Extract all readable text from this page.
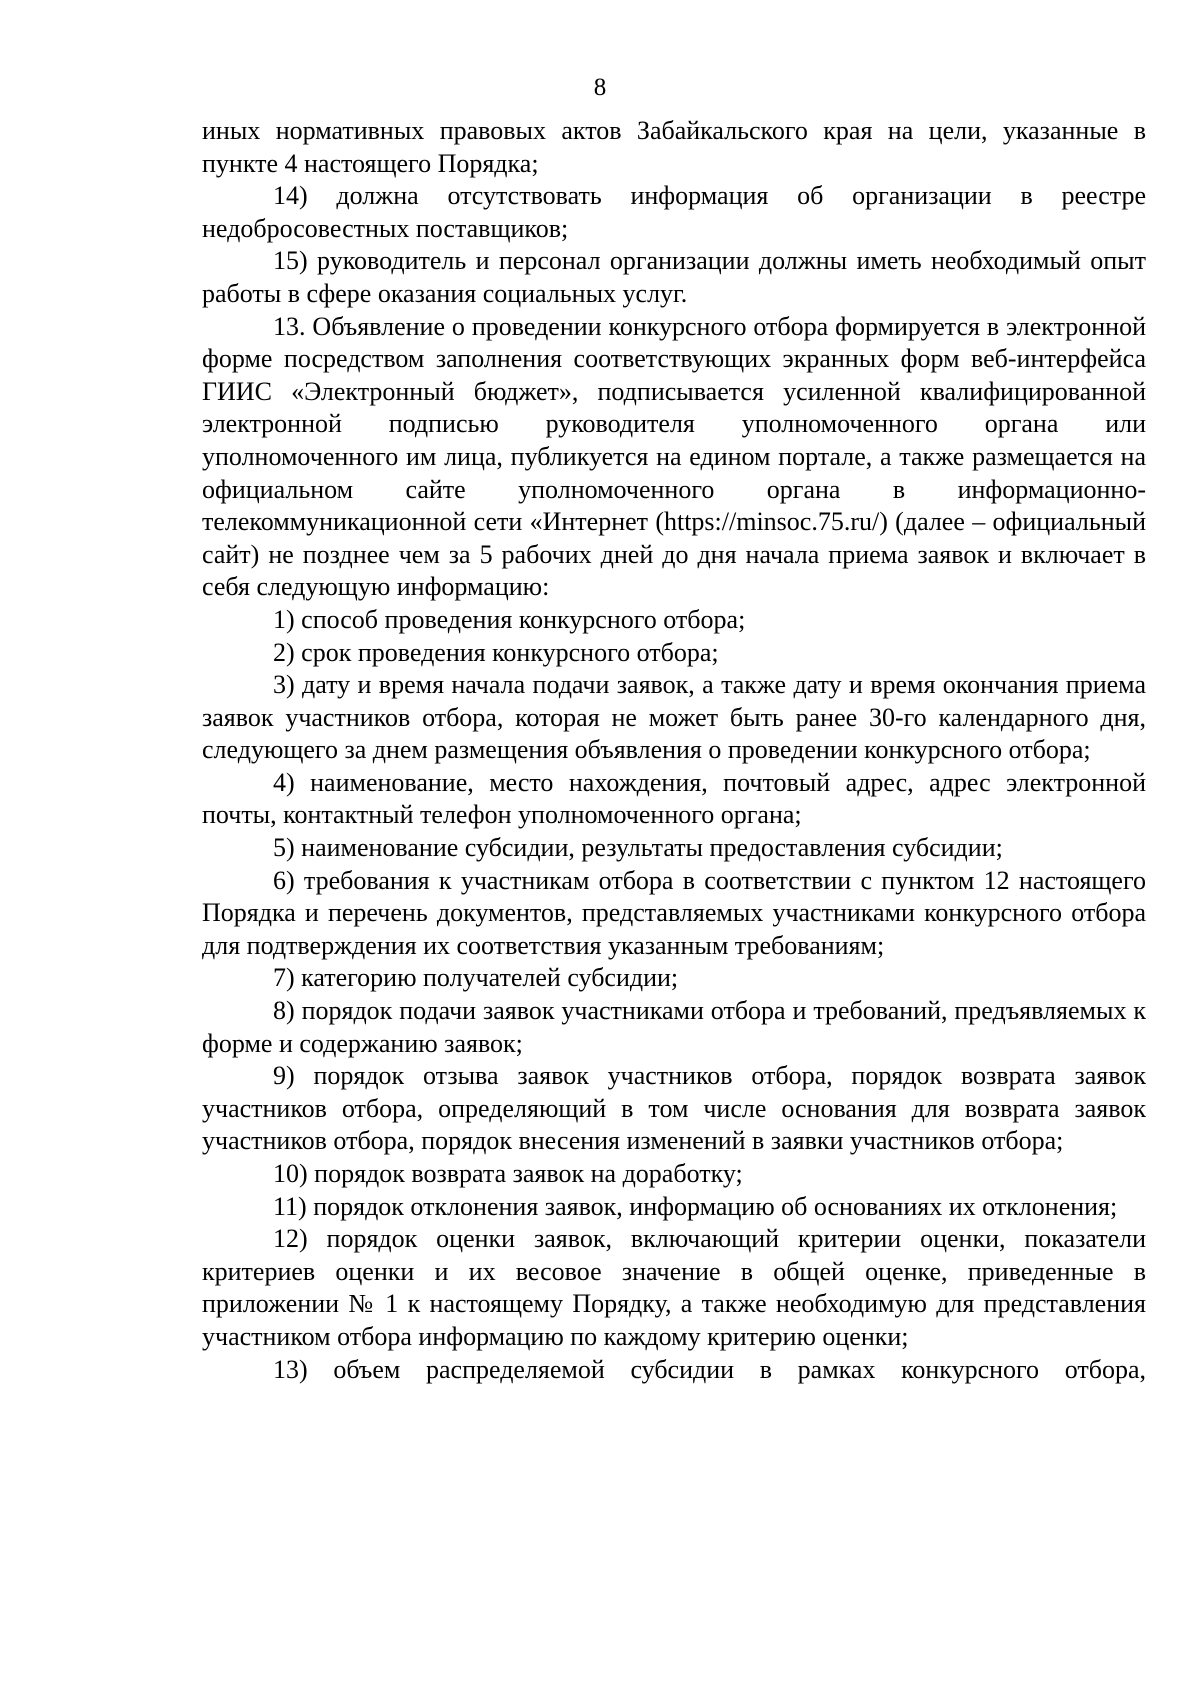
8

иных нормативных правовых актов Забайкальского края на цели, указанные в пункте 4 настоящего Порядка;

14) должна отсутствовать информация об организации в реестре недобросовестных поставщиков;

15) руководитель и персонал организации должны иметь необходимый опыт работы в сфере оказания социальных услуг.

13. Объявление о проведении конкурсного отбора формируется в электронной форме посредством заполнения соответствующих экранных форм веб-интерфейса ГИИС «Электронный бюджет», подписывается усиленной квалифицированной электронной подписью руководителя уполномоченного органа или уполномоченного им лица, публикуется на едином портале, а также размещается на официальном сайте уполномоченного органа в информационно-телекоммуникационной сети «Интернет (https://minsoc.75.ru/) (далее – официальный сайт) не позднее чем за 5 рабочих дней до дня начала приема заявок и включает в себя следующую информацию:

1) способ проведения конкурсного отбора;

2) срок проведения конкурсного отбора;

3) дату и время начала подачи заявок, а также дату и время окончания приема заявок участников отбора, которая не может быть ранее 30-го календарного дня, следующего за днем размещения объявления о проведении конкурсного отбора;

4) наименование, место нахождения, почтовый адрес, адрес электронной почты, контактный телефон уполномоченного органа;

5) наименование субсидии, результаты предоставления субсидии;

6) требования к участникам отбора в соответствии с пунктом 12 настоящего Порядка и перечень документов, представляемых участниками конкурсного отбора для подтверждения их соответствия указанным требованиям;

7) категорию получателей субсидии;

8) порядок подачи заявок участниками отбора и требований, предъявляемых к форме и содержанию заявок;

9) порядок отзыва заявок участников отбора, порядок возврата заявок участников отбора, определяющий в том числе основания для возврата заявок участников отбора, порядок внесения изменений в заявки участников отбора;

10) порядок возврата заявок на доработку;

11) порядок отклонения заявок, информацию об основаниях их отклонения;

12) порядок оценки заявок, включающий критерии оценки, показатели критериев оценки и их весовое значение в общей оценке, приведенные в приложении № 1 к настоящему Порядку, а также необходимую для представления участником отбора информацию по каждому критерию оценки;

13) объем распределяемой субсидии в рамках конкурсного отбора,
